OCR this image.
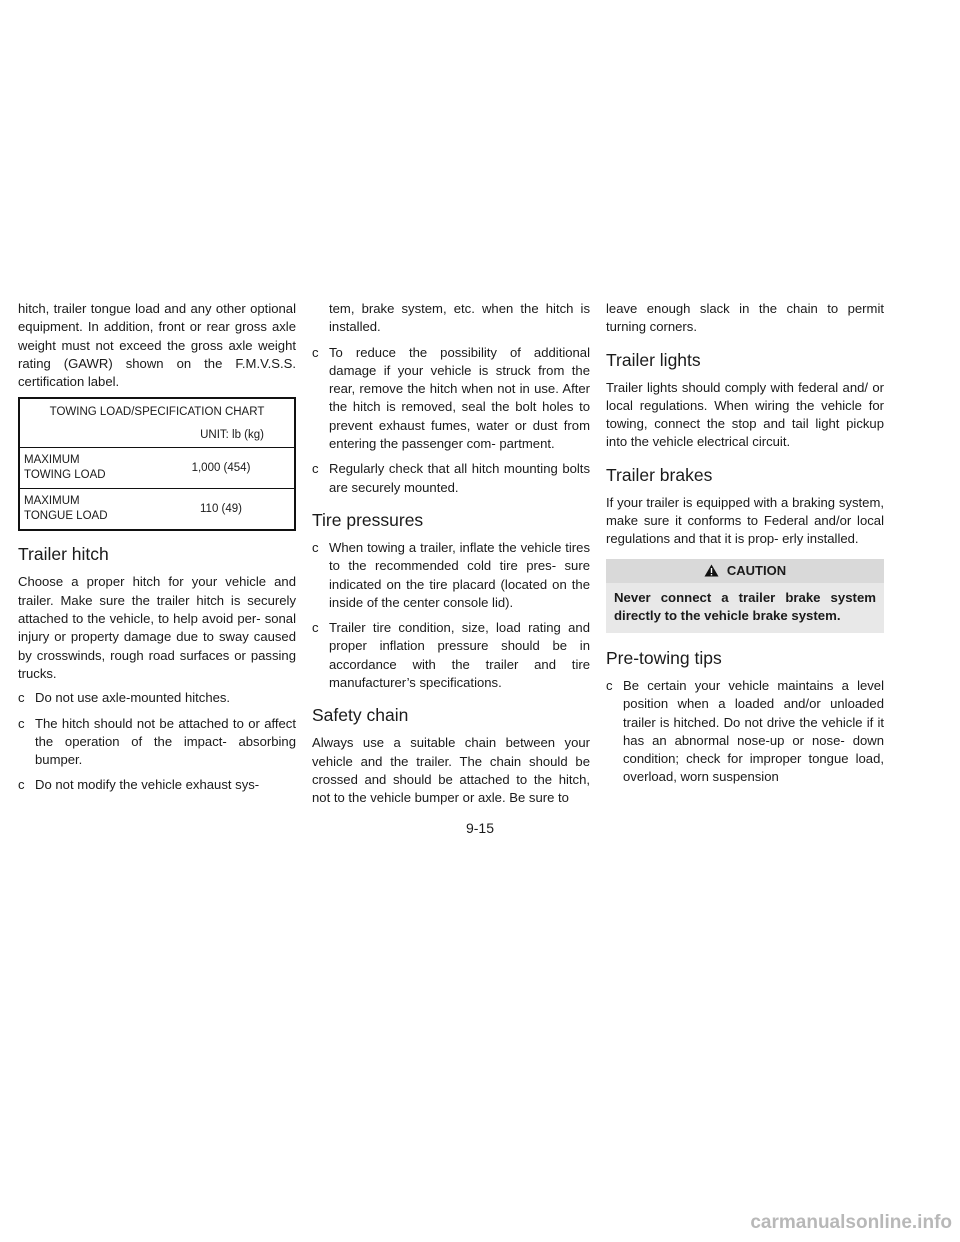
hitch, trailer tongue load and any other optional equipment. In addition, front or rear gross axle weight must not exceed the gross axle weight rating (GAWR) shown on the F.M.V.S.S. certification label.

TOWING LOAD/SPECIFICATION CHART	
UNIT: lb (kg)	
MAXIMUM
TOWING LOAD	1,000 (454)
MAXIMUM
TONGUE LOAD	110 (49)
Trailer hitch

Choose a proper hitch for your vehicle and trailer. Make sure the trailer hitch is securely attached to the vehicle, to help avoid per- sonal injury or property damage due to sway caused by crosswinds, rough road surfaces or passing trucks.

c Do not use axle-mounted hitches.
c The hitch should not be attached to or affect the operation of the impact- absorbing bumper.
c Do not modify the vehicle exhaust sys-
tem, brake system, etc. when the hitch is installed.
c To reduce the possibility of additional damage if your vehicle is struck from the rear, remove the hitch when not in use. After the hitch is removed, seal the bolt holes to prevent exhaust fumes, water or dust from entering the passenger com- partment.
c Regularly check that all hitch mounting bolts are securely mounted.
Tire pressures
c When towing a trailer, inflate the vehicle tires to the recommended cold tire pres- sure indicated on the tire placard (located on the inside of the center console lid).
c Trailer tire condition, size, load rating and proper inflation pressure should be in accordance with the trailer and tire manufacturer’s specifications.
Safety chain

Always use a suitable chain between your vehicle and the trailer. The chain should be crossed and should be attached to the hitch, not to the vehicle bumper or axle. Be sure to

leave enough slack in the chain to permit turning corners.

Trailer lights

Trailer lights should comply with federal and/ or local regulations. When wiring the vehicle for towing, connect the stop and tail light pickup into the vehicle electrical circuit.

Trailer brakes

If your trailer is equipped with a braking system, make sure it conforms to Federal and/or local regulations and that it is prop- erly installed.

CAUTION
Never connect a trailer brake system directly to the vehicle brake system.
Pre-towing tips
c Be certain your vehicle maintains a level position when a loaded and/or unloaded trailer is hitched. Do not drive the vehicle if it has an abnormal nose-up or nose- down condition; check for improper tongue load, overload, worn suspension
9-15
carmanualsonline.info
